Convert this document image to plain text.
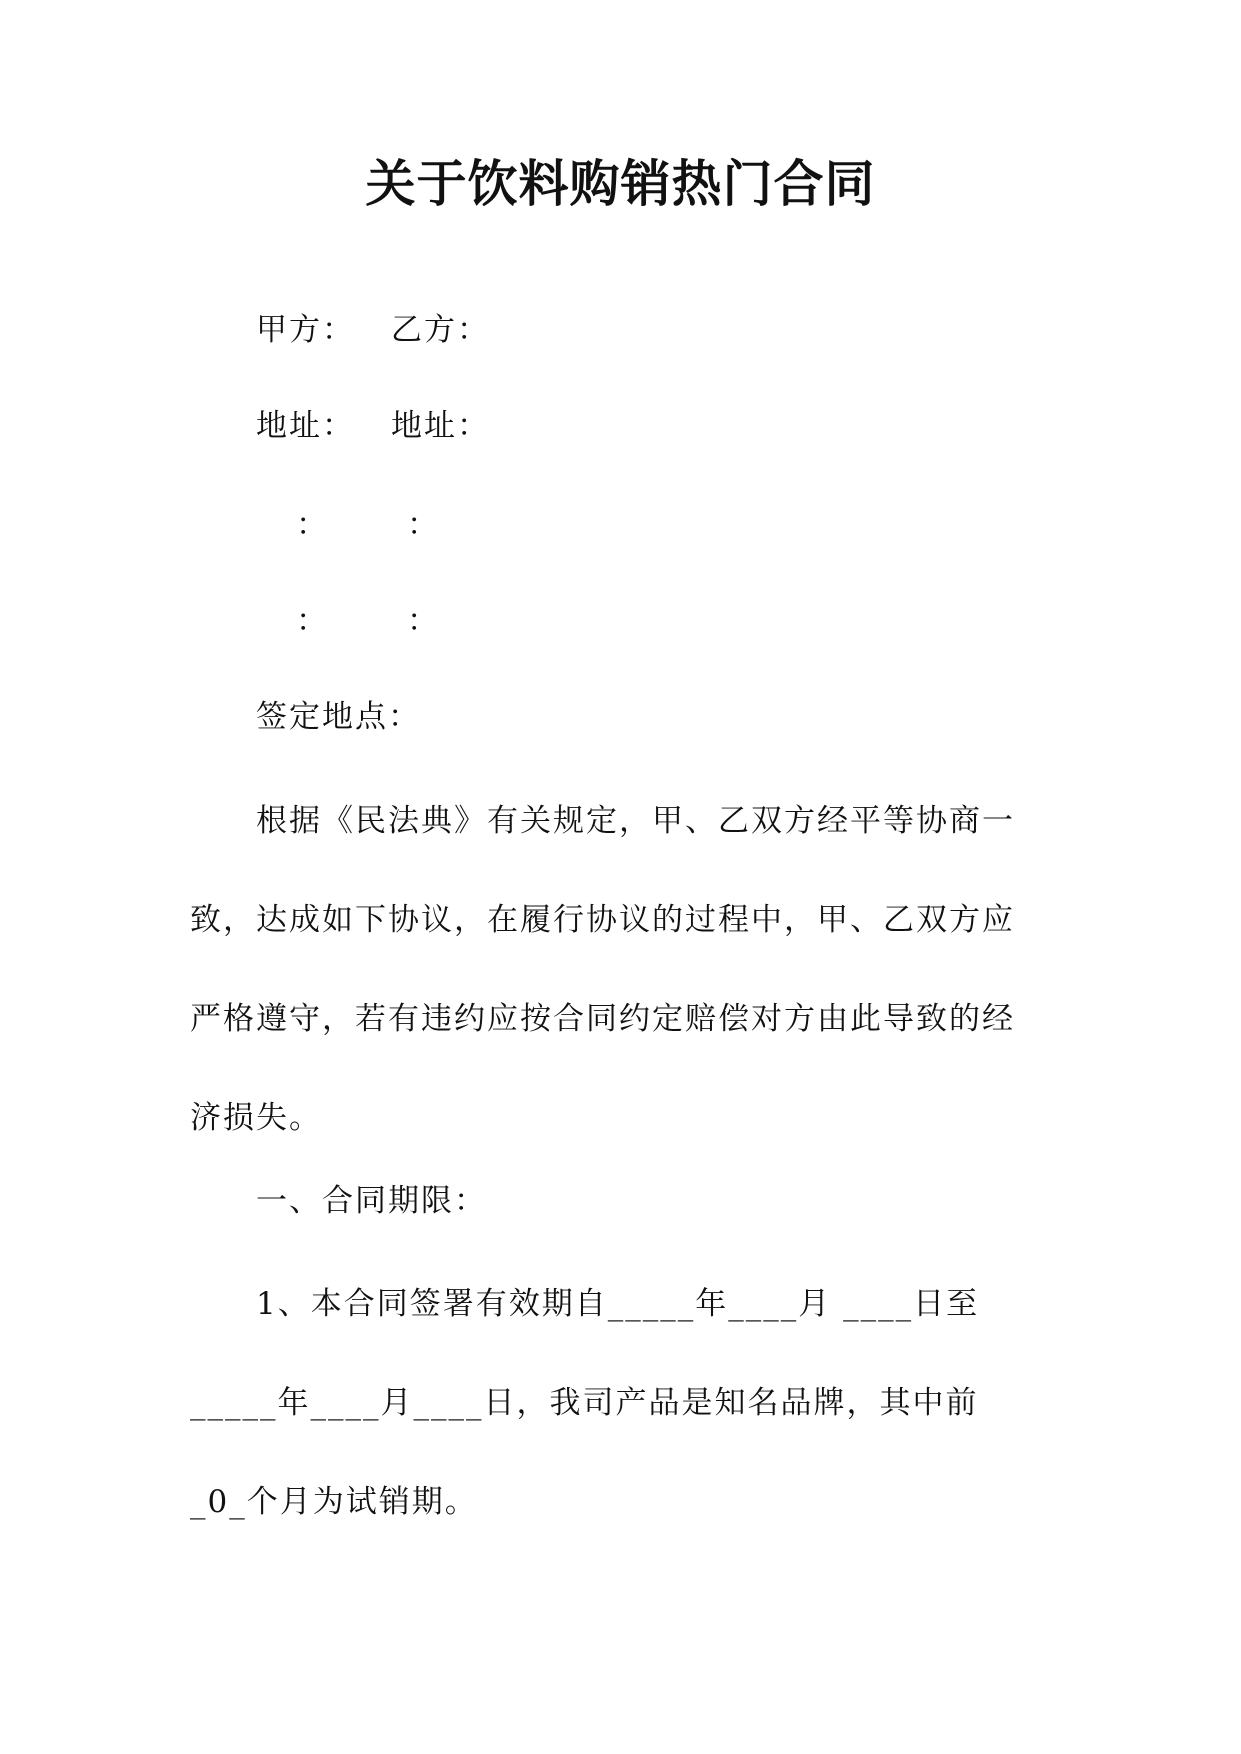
关于饮料购销热门合同
甲方： 乙方：
地址： 地址：
：	：
：	：
签定地点：
根据《民法典》有关规定，甲、乙双方经平等协商一致，达成如下协议，在履行协议的过程中，甲、乙双方应严格遵守，若有违约应按合同约定赔偿对方由此导致的经济损失。
一、合同期限：
1、本合同签署有效期自_____年____月 ____日至_____年____月____日，我司产品是知名品牌，其中前_0_个月为试销期。
